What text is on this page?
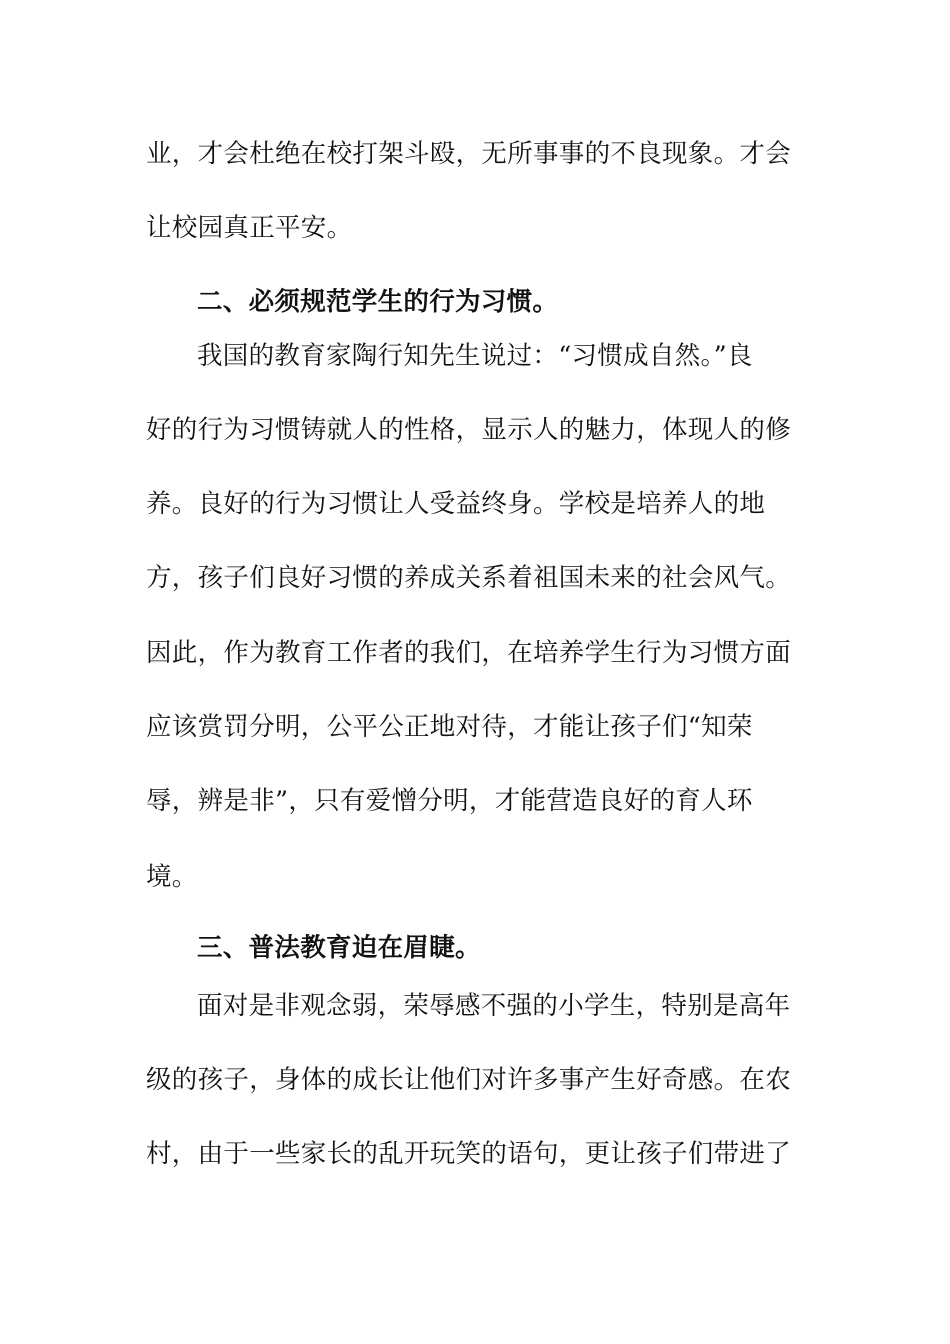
业，才会杜绝在校打架斗殴，无所事事的不良现象。才会
让校园真正平安。
二、必须规范学生的行为习惯。
我国的教育家陶行知先生说过：“习惯成自然。”良
好的行为习惯铸就人的性格，显示人的魅力，体现人的修
养。良好的行为习惯让人受益终身。学校是培养人的地
方，孩子们良好习惯的养成关系着祖国未来的社会风气。
因此，作为教育工作者的我们，在培养学生行为习惯方面
应该赏罚分明，公平公正地对待，才能让孩子们“知荣
辱，辨是非”，只有爱憎分明，才能营造良好的育人环
境。
三、普法教育迫在眉睫。
面对是非观念弱，荣辱感不强的小学生，特别是高年
级的孩子，身体的成长让他们对许多事产生好奇感。在农
村，由于一些家长的乱开玩笑的语句，更让孩子们带进了
